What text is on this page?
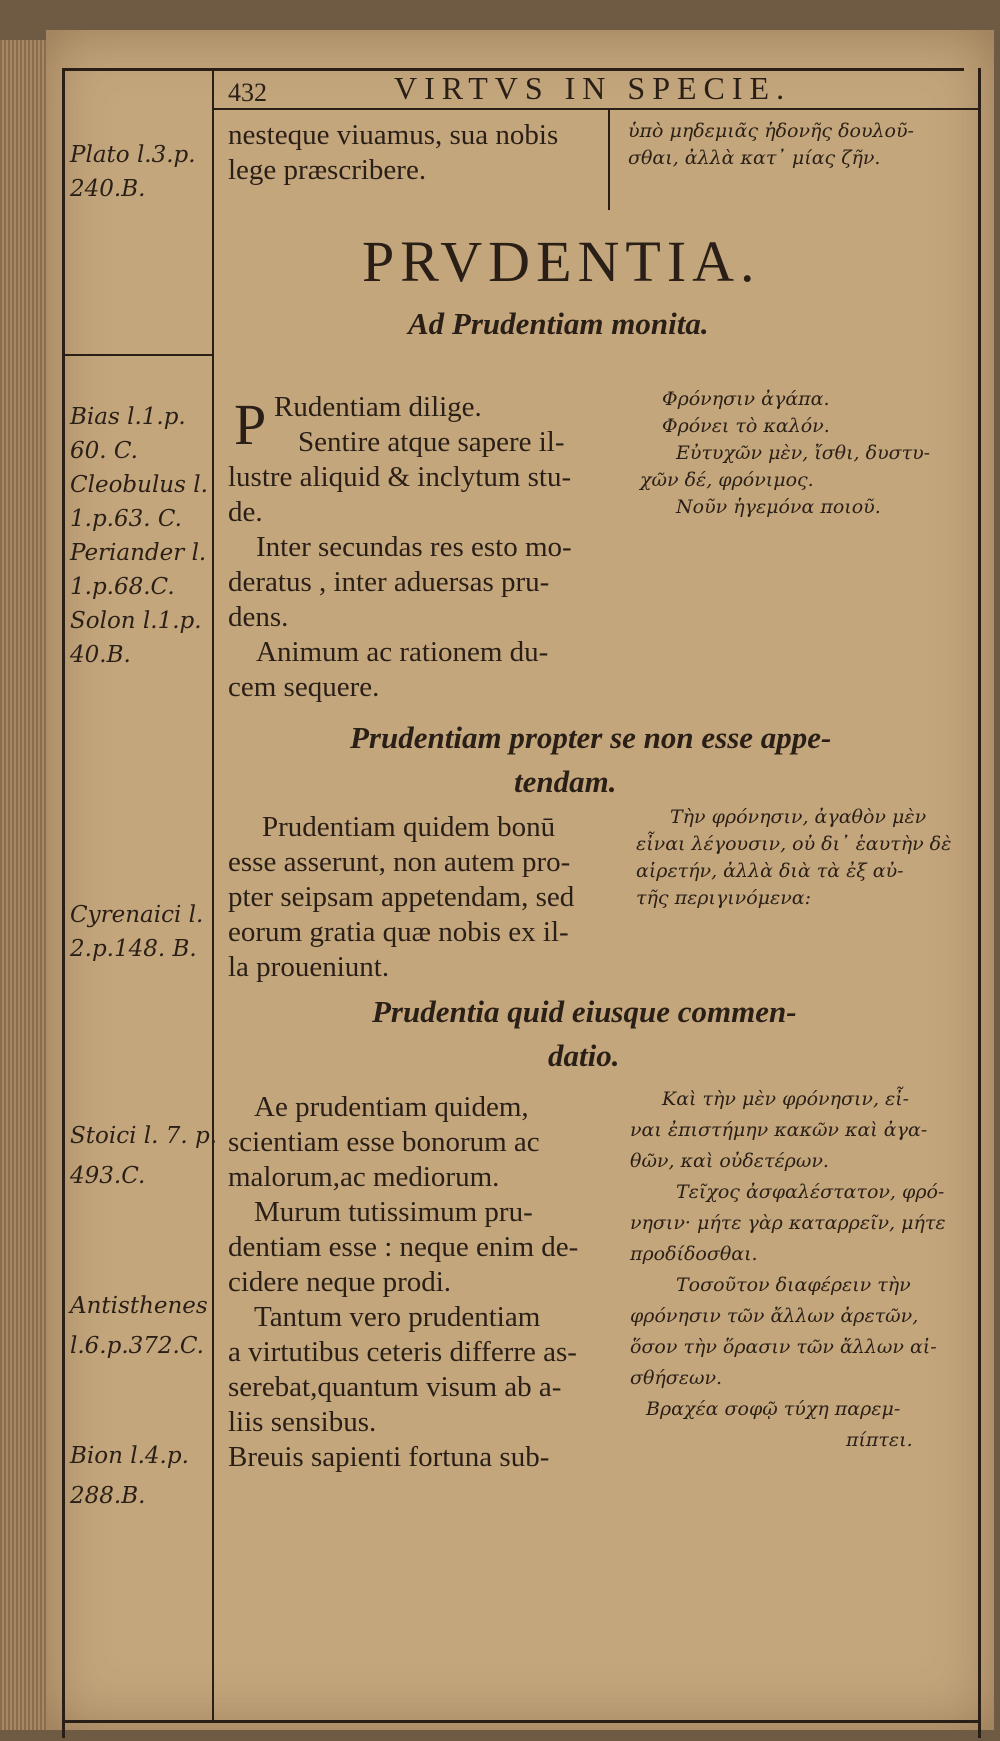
432	VIRTVS IN SPECIE.
Plato l.3.p.
240.B.
nesteque viuamus, sua nobis
lege præscribere.
ὑπὸ μηδεμιᾶς ἡδονῆς δουλοῦ-
σθαι, ἀλλὰ κατ᾽ μίας ζῆν.
PRVDENTIA.
Ad Prudentiam monita.
Bias l.1.p.
60. C.
Cleobulus l.
1.p.63. C.
Periander l.
1.p.68.C.
Solon l.1.p.
40.B.
P Rudentiam dilige.
Sentire atque sapere il-
lustre aliquid & inclytum stu-
de.
Inter secundas res esto mo-
deratus , inter aduersas pru-
dens.
Animum ac rationem du-
cem sequere.
Φρόνησιν ἀγάπα.
Φρόνει τὸ καλόν.
Εὐτυχῶν μὲν, ἴσθι, δυστυ-
χῶν δέ, φρόνιμος.
Νοῦν ἡγεμόνα ποιοῦ.
Prudentiam propter se non esse appe-
tendam.
Cyrenaici l.
2.p.148. B.
Prudentiam quidem bonū
esse asserunt, non autem pro-
pter seipsam appetendam, sed
eorum gratia quæ nobis ex il-
la proueniunt.
Τὴν φρόνησιν, ἀγαθὸν μὲν
εἶναι λέγουσιν, οὐ δι᾽ ἑαυτὴν δὲ
αἱρετήν, ἀλλὰ διὰ τὰ ἐξ αὐ-
τῆς περιγινόμενα:
Prudentia quid eiusque commen-
datio.
Stoici l. 7. p.
493.C.
Antisthenes
l.6.p.372.C.
Bion l.4.p.
288.B.
Ae prudentiam quidem,
scientiam esse bonorum ac
malorum,ac mediorum.
Murum tutissimum pru-
dentiam esse : neque enim de-
cidere neque prodi.
Tantum vero prudentiam
a virtutibus ceteris differre as-
serebat,quantum visum ab a-
liis sensibus.
Breuis sapienti fortuna sub-
Καὶ τὴν μὲν φρόνησιν, εἶ-
ναι ἐπιστήμην κακῶν καὶ ἀγα-
θῶν, καὶ οὐδετέρων.
Τεῖχος ἀσφαλέστατον, φρό-
νησιν· μήτε γὰρ καταρρεῖν, μήτε
προδίδοσθαι.
Τοσοῦτον διαφέρειν τὴν
φρόνησιν τῶν ἄλλων ἀρετῶν,
ὅσον τὴν ὅρασιν τῶν ἄλλων αἰ-
σθήσεων.
Βραχέα σοφῷ τύχη παρεμ-
πίπτει.
